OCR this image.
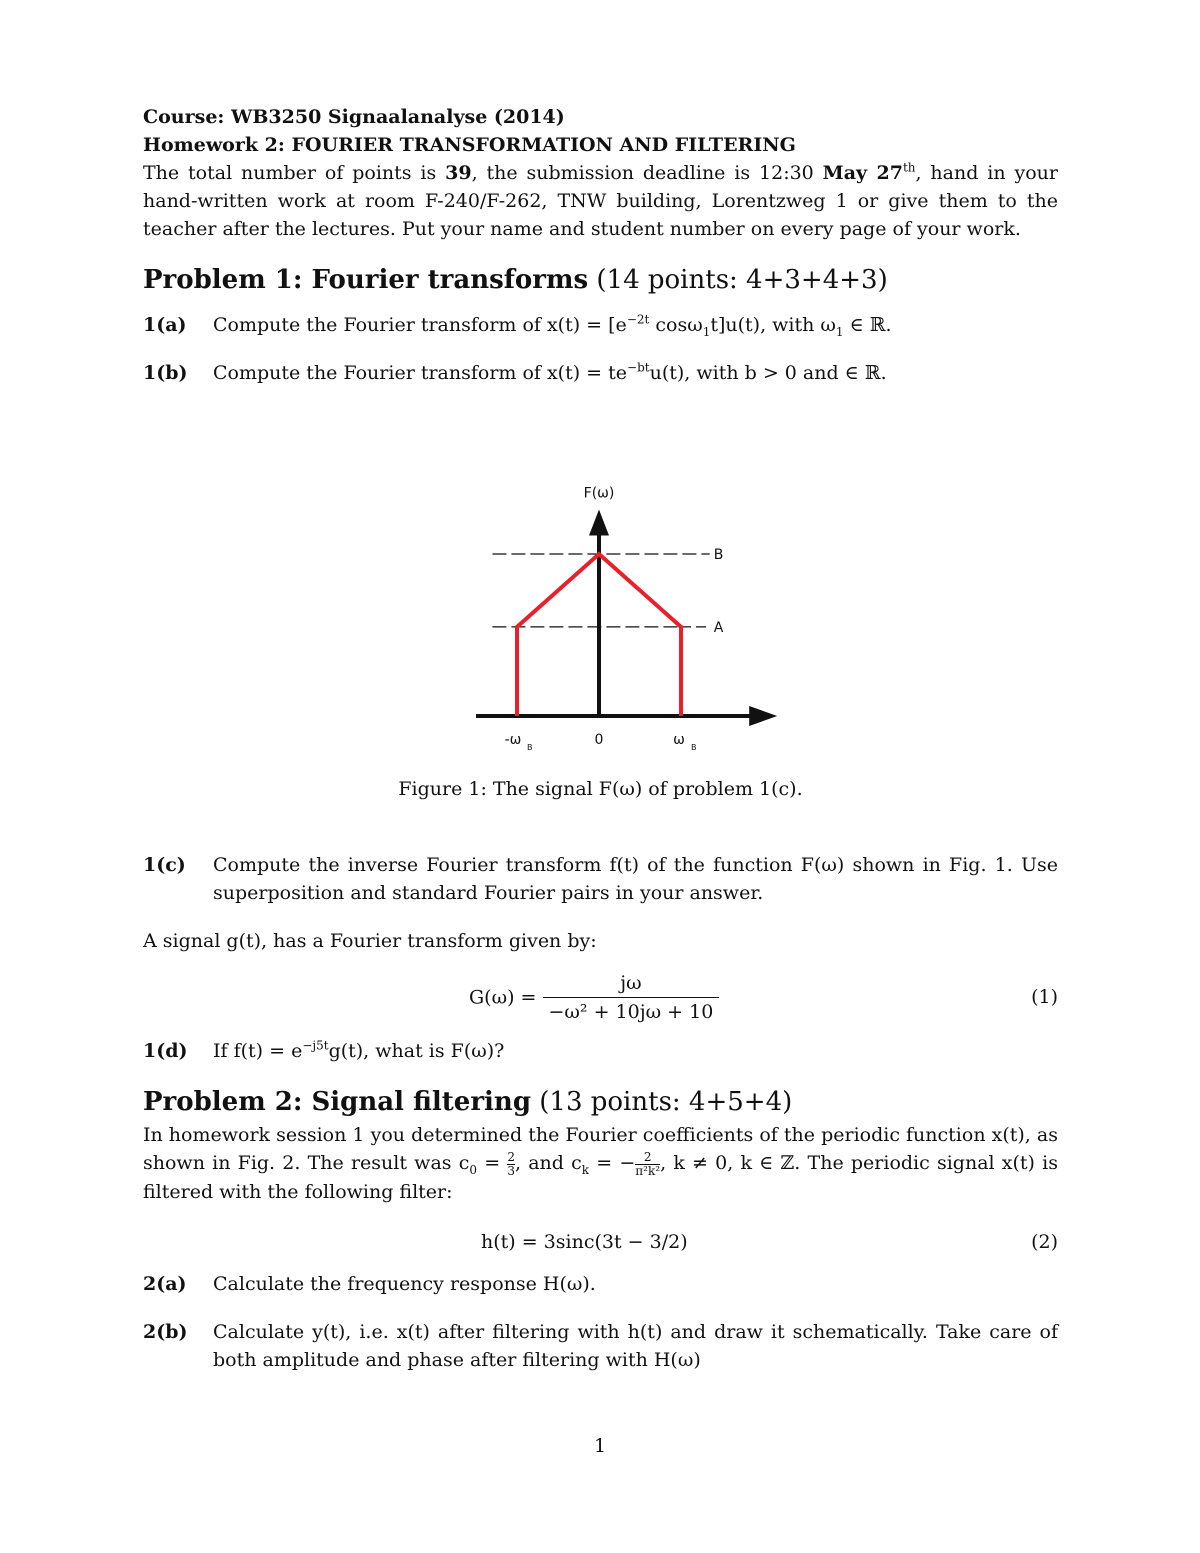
Course: WB3250 Signaalanalyse (2014)
Homework 2: FOURIER TRANSFORMATION AND FILTERING
The total number of points is 39, the submission deadline is 12:30 May 27th, hand in your hand-written work at room F-240/F-262, TNW building, Lorentzweg 1 or give them to the teacher after the lectures. Put your name and student number on every page of your work.
Problem 1: Fourier transforms (14 points: 4+3+4+3)
1(a)	Compute the Fourier transform of $x(t) = [e^{-2t}$ cosω$_1$t]u(t), with $\omega_1$ ∈ ℝ.
1(b)	Compute the Fourier transform of $x(t) = te^{-bt}u(t)$, with b > 0 and ∈ ℝ.
F(ω)
B
A
-ω B	0	ω B
Figure 1: The signal F(ω) of problem 1(c).
1(c)	Compute the inverse Fourier transform f(t) of the function F(ω) shown in Fig. 1. Use superposition and standard Fourier pairs in your answer.
A signal g(t), has a Fourier transform given by:
$G(\omega) = \frac{j\omega}{\text{−ω² + 10jω + 10}}$	(1)
1(d)	If $f(t) = e^{-j5t}g(t)$, what is F(ω)?
Problem 2: Signal filtering (13 points: 4+5+4)
In homework session 1 you determined the Fourier coefficients of the periodic function x(t), as shown in Fig. 2. The result was $c_0 = \frac{2}{3}$ , and $c_k$ = − $\frac{2}{\text{π²k²}}$ , k ≠ 0, k ∈ ℤ. The periodic signal x(t) is filtered with the following filter:
h(t) = 3sinc(3t − 3/2)	(2)
2(a)	Calculate the frequency response H(ω).
2(b)	Calculate y(t), i.e. x(t) after filtering with h(t) and draw it schematically. Take care of both amplitude and phase after filtering with H(ω)
1
